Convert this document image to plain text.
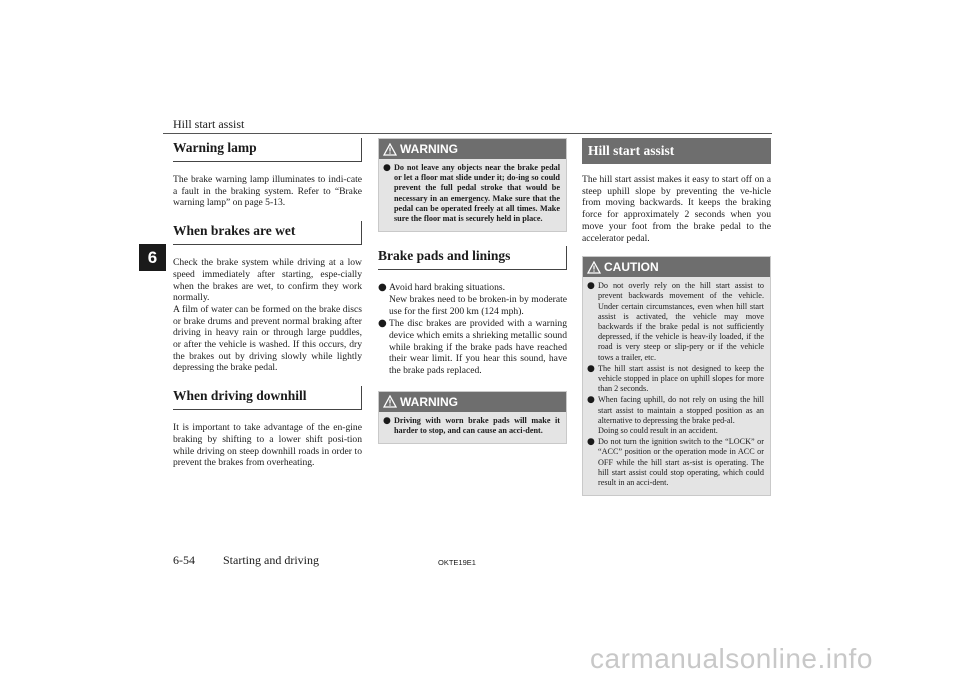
Hill start assist
6
Warning lamp

The brake warning lamp illuminates to indi-cate a fault in the braking system. Refer to “Brake warning lamp” on page 5-13.

When brakes are wet

Check the brake system while driving at a low speed immediately after starting, espe-cially when the brakes are wet, to confirm they work normally.

A film of water can be formed on the brake discs or brake drums and prevent normal braking after driving in heavy rain or through large puddles, or after the vehicle is washed. If this occurs, dry the brakes out by driving slowly while lightly depressing the brake pedal.

When driving downhill

It is important to take advantage of the en-gine braking by shifting to a lower shift posi-tion while driving on steep downhill roads in order to prevent the brakes from overheating.

WARNING
● Do not leave any objects near the brake pedal or let a floor mat slide under it; do-ing so could prevent the full pedal stroke that would be necessary in an emergency. Make sure that the pedal can be operated freely at all times. Make sure the floor mat is securely held in place.
Brake pads and linings
● Avoid hard braking situations.
New brakes need to be broken-in by moderate use for the first 200 km (124 mph).
● The disc brakes are provided with a warning device which emits a shrieking metallic sound while braking if the brake pads have reached their wear limit. If you hear this sound, have the brake pads replaced.
WARNING
● Driving with worn brake pads will make it harder to stop, and can cause an acci-dent.
Hill start assist

The hill start assist makes it easy to start off on a steep uphill slope by preventing the ve-hicle from moving backwards. It keeps the braking force for approximately 2 seconds when you move your foot from the brake pedal to the accelerator pedal.

CAUTION
● Do not overly rely on the hill start assist to prevent backwards movement of the vehicle. Under certain circumstances, even when hill start assist is activated, the vehicle may move backwards if the brake pedal is not sufficiently depressed, if the vehicle is heav-ily loaded, if the road is very steep or slip-pery or if the vehicle tows a trailer, etc.
● The hill start assist is not designed to keep the vehicle stopped in place on uphill slopes for more than 2 seconds.
● When facing uphill, do not rely on using the hill start assist to maintain a stopped position as an alternative to depressing the brake ped-al.
Doing so could result in an accident.
● Do not turn the ignition switch to the “LOCK” or “ACC” position or the operation mode in ACC or OFF while the hill start as-sist is operating. The hill start assist could stop operating, which could result in an acci-dent.
6-54 Starting and driving	OKTE19E1
carmanualsonline.info
